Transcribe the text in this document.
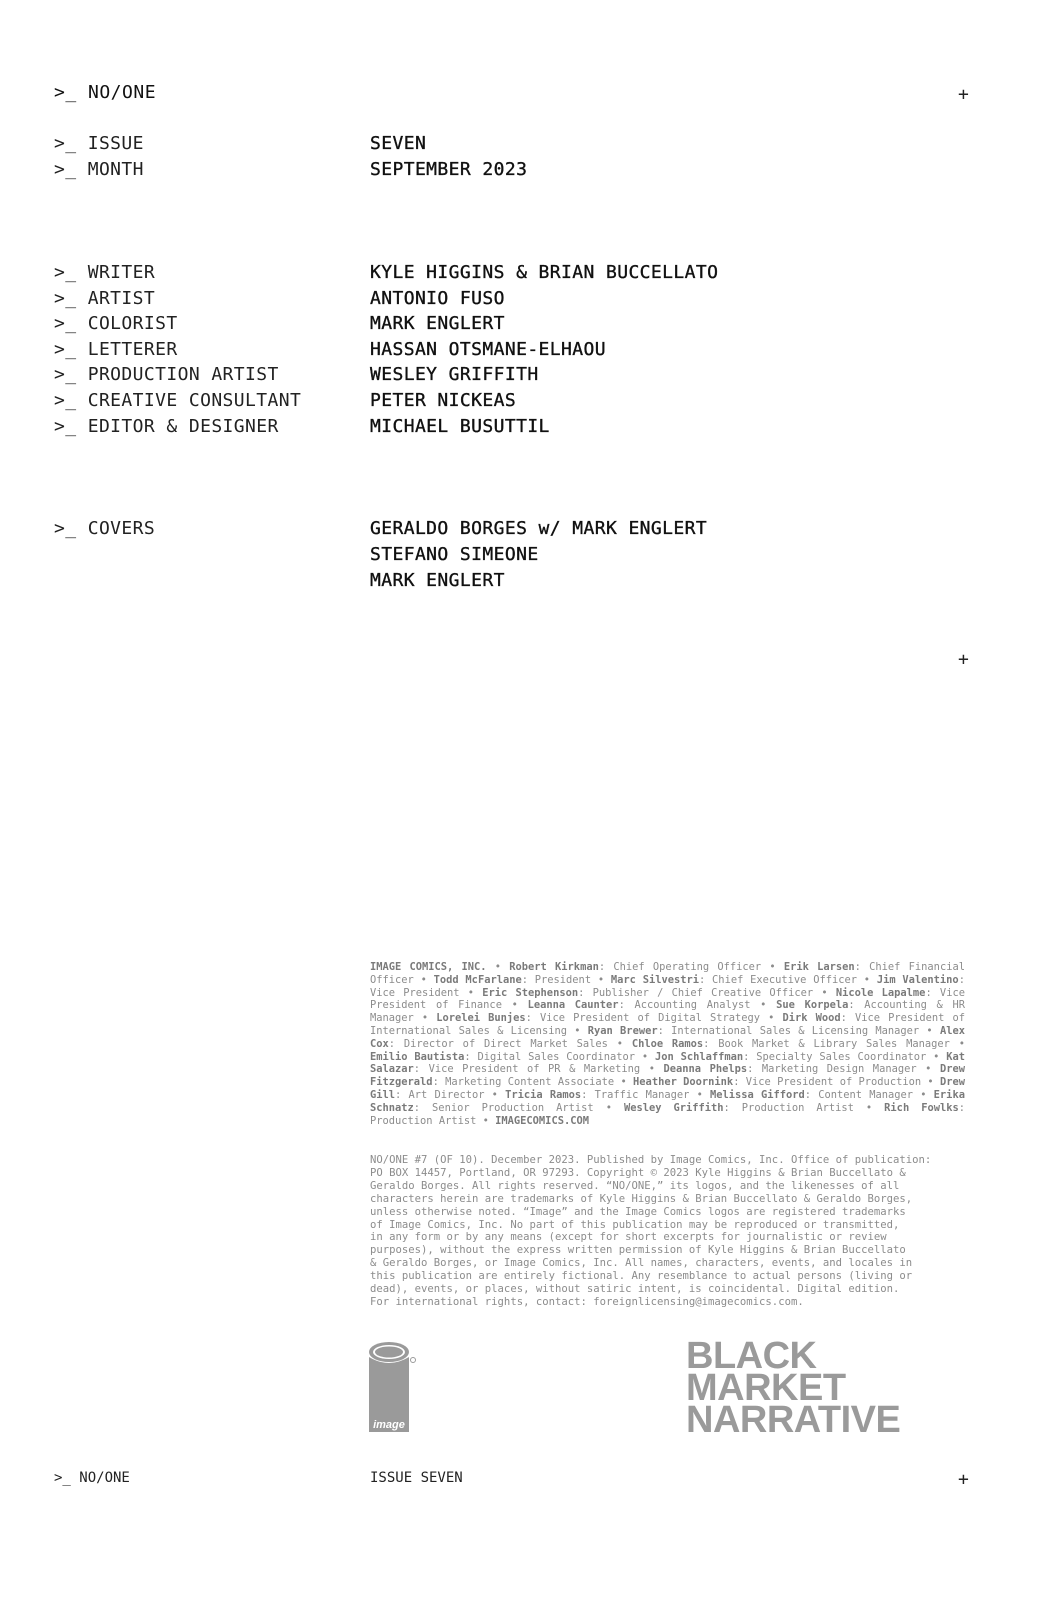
>_ NO/ONE	+
>_ ISSUE	SEVEN
>_ MONTH	SEPTEMBER 2023
>_ WRITER	KYLE HIGGINS & BRIAN BUCCELLATO
>_ ARTIST	ANTONIO FUSO
>_ COLORIST	MARK ENGLERT
>_ LETTERER	HASSAN OTSMANE-ELHAOU
>_ PRODUCTION ARTIST	WESLEY GRIFFITH
>_ CREATIVE CONSULTANT	PETER NICKEAS
>_ EDITOR & DESIGNER	MICHAEL BUSUTTIL
>_ COVERS	GERALDO BORGES w/ MARK ENGLERT
STEFANO SIMEONE
MARK ENGLERT
+
IMAGE COMICS, INC. • Robert Kirkman: Chief Operating Officer • Erik Larsen: Chief Financial Officer • Todd McFarlane: President • Marc Silvestri: Chief Executive Officer • Jim Valentino: Vice President • Eric Stephenson: Publisher / Chief Creative Officer • Nicole Lapalme: Vice President of Finance • Leanna Caunter: Accounting Analyst • Sue Korpela: Accounting & HR Manager • Lorelei Bunjes: Vice President of Digital Strategy • Dirk Wood: Vice President of International Sales & Licensing • Ryan Brewer: International Sales & Licensing Manager • Alex Cox: Director of Direct Market Sales • Chloe Ramos: Book Market & Library Sales Manager • Emilio Bautista: Digital Sales Coordinator • Jon Schlaffman: Specialty Sales Coordinator • Kat Salazar: Vice President of PR & Marketing • Deanna Phelps: Marketing Design Manager • Drew Fitzgerald: Marketing Content Associate • Heather Doornink: Vice President of Production • Drew Gill: Art Director • Tricia Ramos: Traffic Manager • Melissa Gifford: Content Manager • Erika Schnatz: Senior Production Artist • Wesley Griffith: Production Artist • Rich Fowlks: Production Artist • IMAGECOMICS.COM
NO/ONE #7 (OF 10). December 2023. Published by Image Comics, Inc. Office of publication:
PO BOX 14457, Portland, OR 97293. Copyright © 2023 Kyle Higgins & Brian Buccellato &
Geraldo Borges. All rights reserved. “NO/ONE,” its logos, and the likenesses of all
characters herein are trademarks of Kyle Higgins & Brian Buccellato & Geraldo Borges,
unless otherwise noted. “Image” and the Image Comics logos are registered trademarks
of Image Comics, Inc. No part of this publication may be reproduced or transmitted,
in any form or by any means (except for short excerpts for journalistic or review
purposes), without the express written permission of Kyle Higgins & Brian Buccellato
& Geraldo Borges, or Image Comics, Inc. All names, characters, events, and locales in
this publication are entirely fictional. Any resemblance to actual persons (living or
dead), events, or places, without satiric intent, is coincidental. Digital edition.
For international rights, contact: foreignlicensing@imagecomics.com.
image
BLACK
MARKET
NARRATIVE
>_ NO/ONE	ISSUE SEVEN	+
